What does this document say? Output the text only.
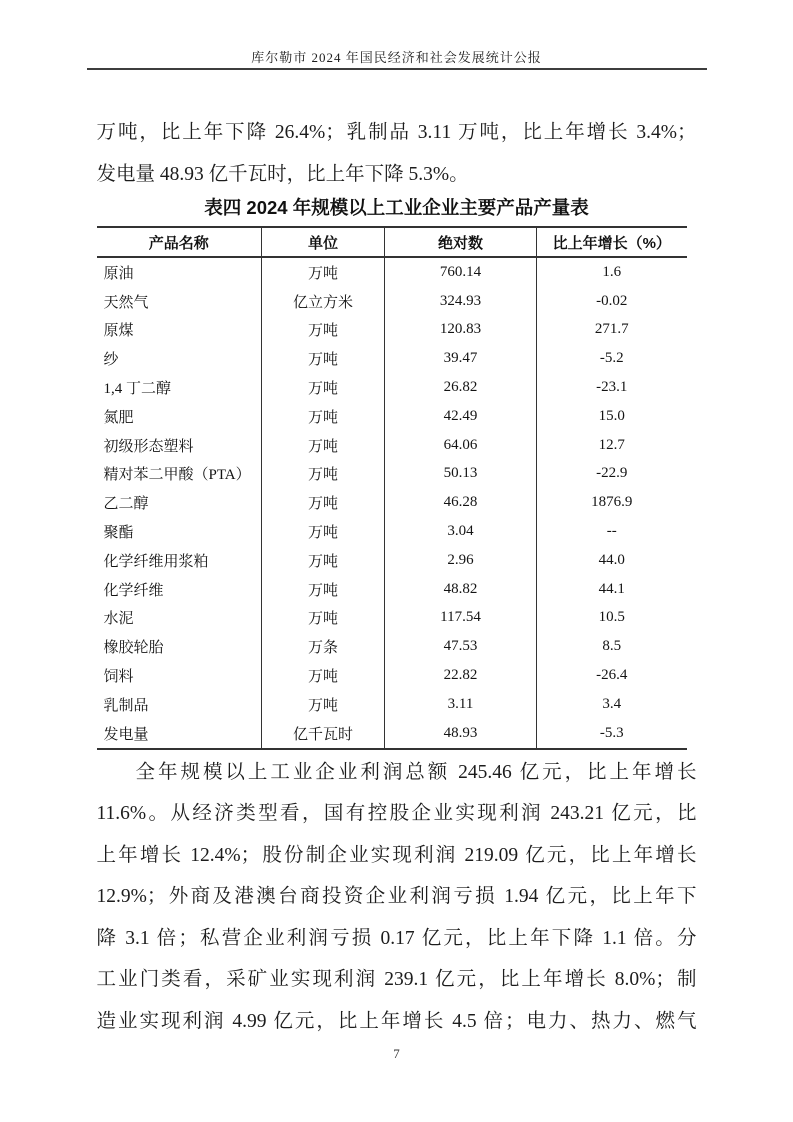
库尔勒市 2024 年国民经济和社会发展统计公报

万吨，比上年下降 26.4%；乳制品 3.11 万吨，比上年增长 3.4%；
发电量 48.93 亿千瓦时，比上年下降 5.3%。

表四 2024 年规模以上工业企业主要产品产量表
产品名称	单位	绝对数	比上年增长（%）
原油	万吨	760.14	1.6
天然气	亿立方米	324.93	-0.02
原煤	万吨	120.83	271.7
纱	万吨	39.47	-5.2
1,4 丁二醇	万吨	26.82	-23.1
氮肥	万吨	42.49	15.0
初级形态塑料	万吨	64.06	12.7
精对苯二甲酸（PTA）	万吨	50.13	-22.9
乙二醇	万吨	46.28	1876.9
聚酯	万吨	3.04	--
化学纤维用浆粕	万吨	2.96	44.0
化学纤维	万吨	48.82	44.1
水泥	万吨	117.54	10.5
橡胶轮胎	万条	47.53	8.5
饲料	万吨	22.82	-26.4
乳制品	万吨	3.11	3.4
发电量	亿千瓦时	48.93	-5.3

全年规模以上工业企业利润总额 245.46 亿元，比上年增长
11.6%。从经济类型看，国有控股企业实现利润 243.21 亿元，比
上年增长 12.4%；股份制企业实现利润 219.09 亿元，比上年增长
12.9%；外商及港澳台商投资企业利润亏损 1.94 亿元，比上年下
降 3.1 倍；私营企业利润亏损 0.17 亿元，比上年下降 1.1 倍。分
工业门类看，采矿业实现利润 239.1 亿元，比上年增长 8.0%；制
造业实现利润 4.99 亿元，比上年增长 4.5 倍；电力、热力、燃气

7
